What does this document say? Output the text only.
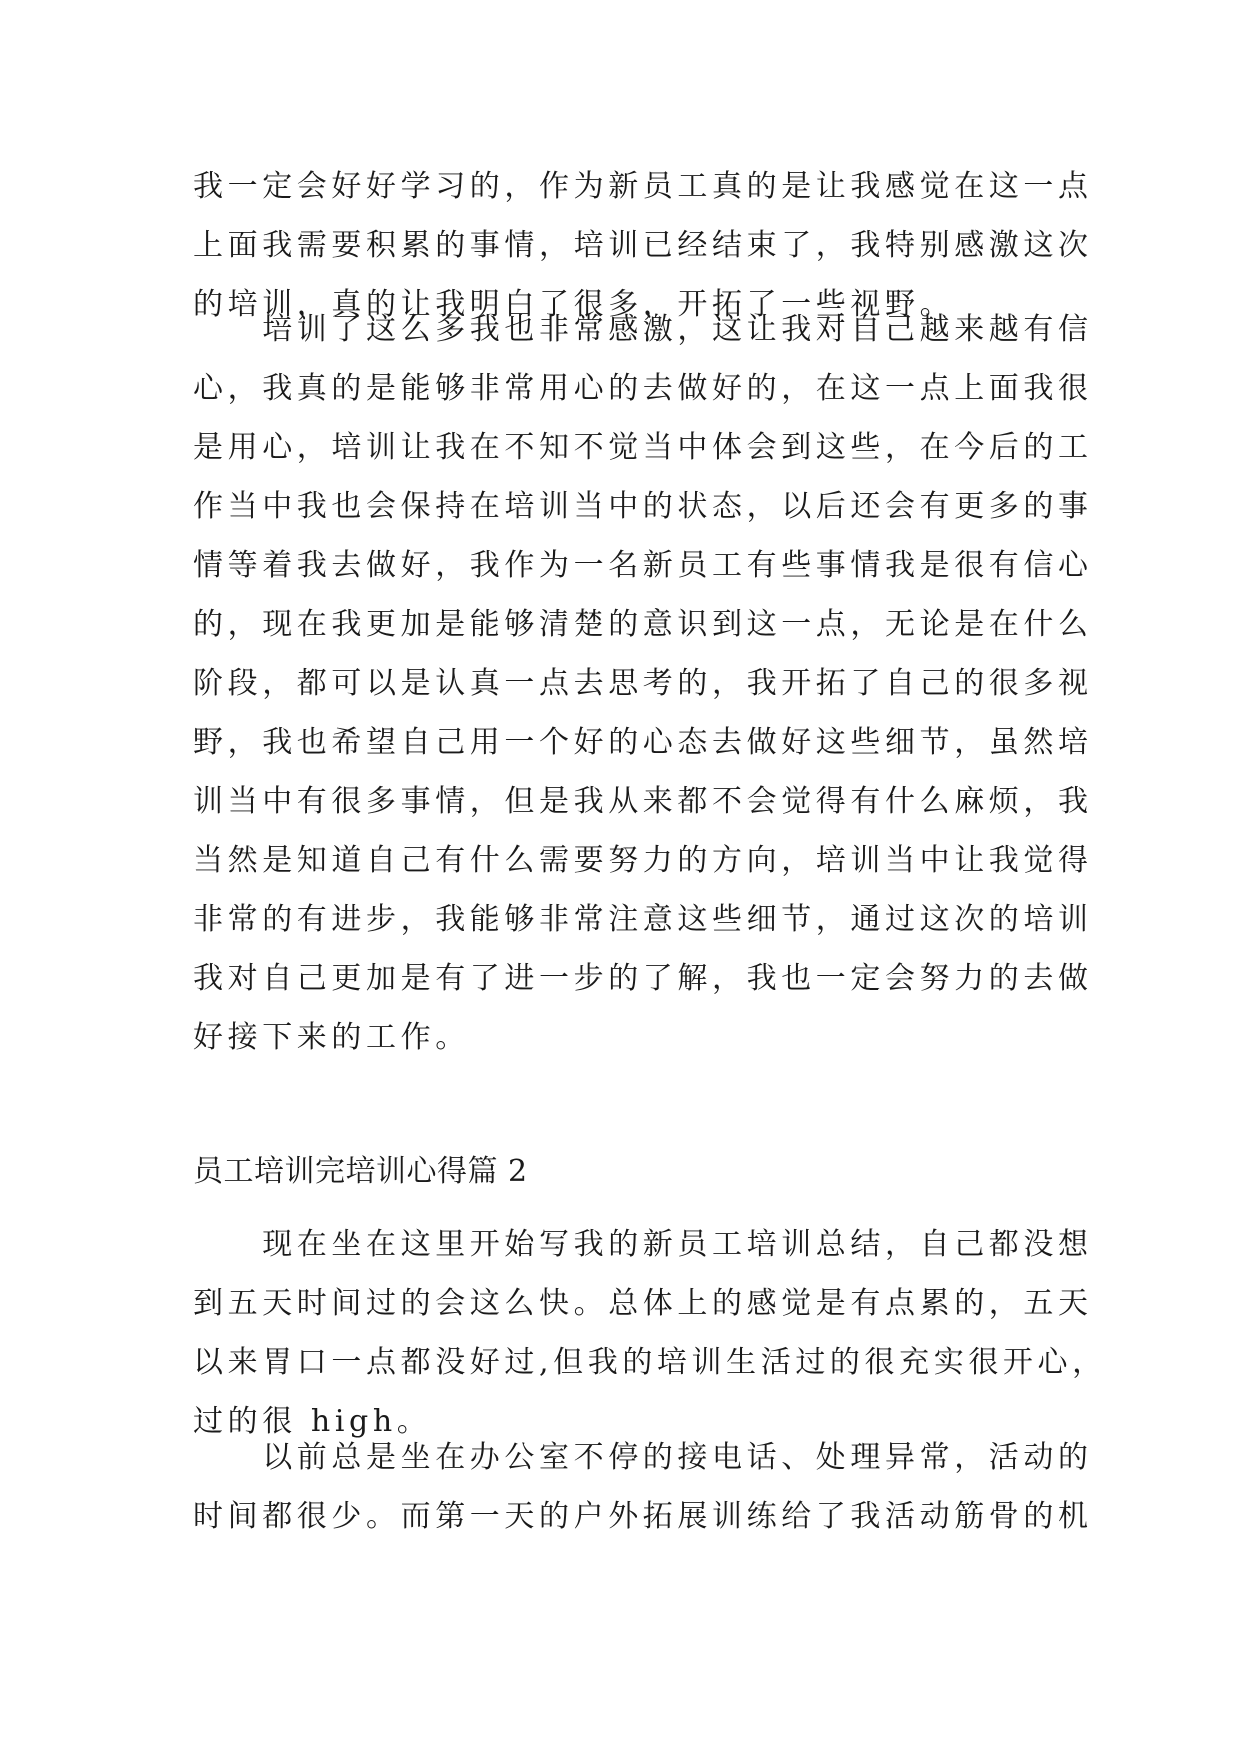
我一定会好好学习的，作为新员工真的是让我感觉在这一点
上面我需要积累的事情，培训已经结束了，我特别感激这次
的培训，真的让我明白了很多，开拓了一些视野。
　　培训了这么多我也非常感激，这让我对自己越来越有信
心，我真的是能够非常用心的去做好的，在这一点上面我很
是用心，培训让我在不知不觉当中体会到这些，在今后的工
作当中我也会保持在培训当中的状态，以后还会有更多的事
情等着我去做好，我作为一名新员工有些事情我是很有信心
的，现在我更加是能够清楚的意识到这一点，无论是在什么
阶段，都可以是认真一点去思考的，我开拓了自己的很多视
野，我也希望自己用一个好的心态去做好这些细节，虽然培
训当中有很多事情，但是我从来都不会觉得有什么麻烦，我
当然是知道自己有什么需要努力的方向，培训当中让我觉得
非常的有进步，我能够非常注意这些细节，通过这次的培训
我对自己更加是有了进一步的了解，我也一定会努力的去做
好接下来的工作。
员工培训完培训心得篇 2
　　现在坐在这里开始写我的新员工培训总结，自己都没想
到五天时间过的会这么快。总体上的感觉是有点累的，五天
以来胃口一点都没好过,但我的培训生活过的很充实很开心，
过的很 high。
　　以前总是坐在办公室不停的接电话、处理异常，活动的
时间都很少。而第一天的户外拓展训练给了我活动筋骨的机
